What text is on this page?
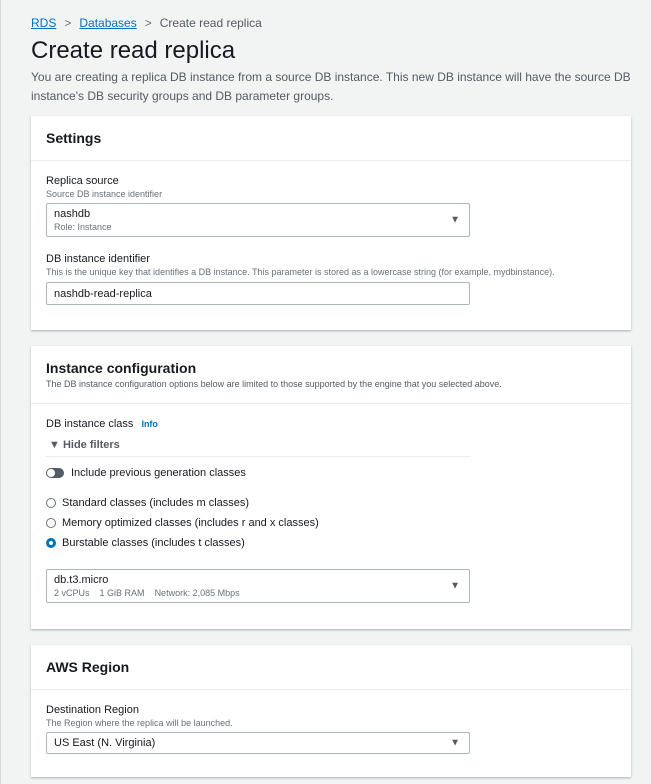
RDS > Databases > Create read replica
Create read replica
You are creating a replica DB instance from a source DB instance. This new DB instance will have the source DB instance's DB security groups and DB parameter groups.
Settings
Replica source
Source DB instance identifier
nashdb
Role: Instance
▼
DB instance identifier
This is the unique key that identifies a DB instance. This parameter is stored as a lowercase string (for example, mydbinstance).
nashdb-read-replica
Instance configuration
The DB instance configuration options below are limited to those supported by the engine that you selected above.
DB instance class Info
▼ Hide filters
Include previous generation classes
Standard classes (includes m classes)
Memory optimized classes (includes r and x classes)
Burstable classes (includes t classes)
db.t3.micro
2 vCPUs 1 GiB RAM Network: 2,085 Mbps
▼
AWS Region
Destination Region
The Region where the replica will be launched.
US East (N. Virginia)	▼
